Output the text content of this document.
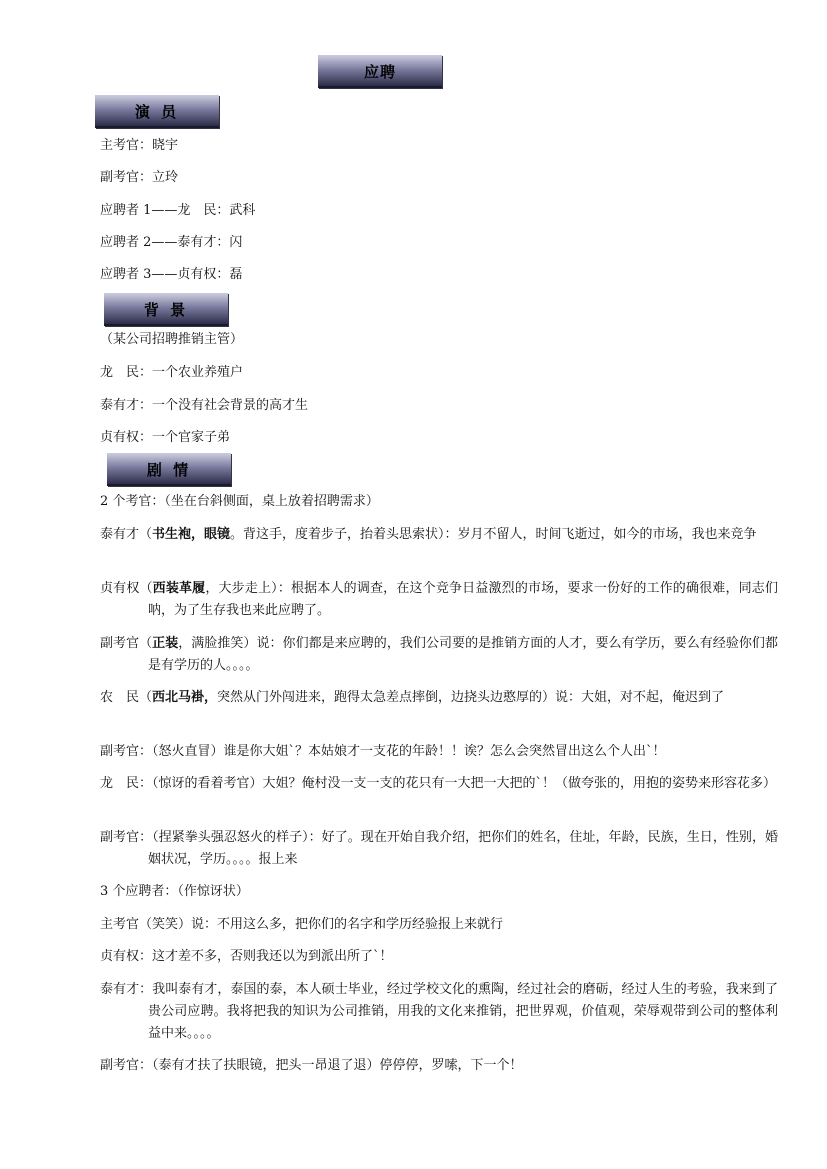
应聘
演 员
主考官：晓宇
副考官：立玲
应聘者 1——龙　民：武科
应聘者 2——泰有才：闪
应聘者 3——贞有权：磊
背 景
（某公司招聘推销主管）
龙　民：一个农业养殖户
泰有才：一个没有社会背景的高才生
贞有权：一个官家子弟
剧 情
2 个考官：（坐在台斜侧面，桌上放着招聘需求）
泰有才（书生袍，眼镜。背这手，度着步子，抬着头思索状）：岁月不留人，时间飞逝过，如今的市场，我也来竞争
贞有权（西装革履，大步走上）：根据本人的调查，在这个竞争日益激烈的市场，要求一份好的工作的确很难，同志们呐，为了生存我也来此应聘了。
副考官（正装，满脸推笑）说：你们都是来应聘的，我们公司要的是推销方面的人才，要么有学历，要么有经验你们都是有学历的人。。。。
农　民（西北马褂，突然从门外闯进来，跑得太急差点摔倒，边挠头边憨厚的）说：大姐，对不起，俺迟到了
副考官：（怒火直冒）谁是你大姐`？本姑娘才一支花的年龄！！诶？怎么会突然冒出这么个人出`！
龙　民：（惊讶的看着考官）大姐？俺村没一支一支的花只有一大把一大把的`！（做夸张的，用抱的姿势来形容花多）
副考官：（捏紧拳头强忍怒火的样子）：好了。现在开始自我介绍，把你们的姓名，住址，年龄，民族，生日，性别，婚姻状况，学历。。。。报上来
3 个应聘者：（作惊讶状）
主考官（笑笑）说：不用这么多，把你们的名字和学历经验报上来就行
贞有权：这才差不多，否则我还以为到派出所了`！
泰有才：我叫泰有才，泰国的泰，本人硕士毕业，经过学校文化的熏陶，经过社会的磨砺，经过人生的考验，我来到了贵公司应聘。我将把我的知识为公司推销，用我的文化来推销，把世界观，价值观，荣辱观带到公司的整体利益中来。。。。
副考官：（泰有才扶了扶眼镜，把头一昂退了退）停停停，罗嗦，下一个！
